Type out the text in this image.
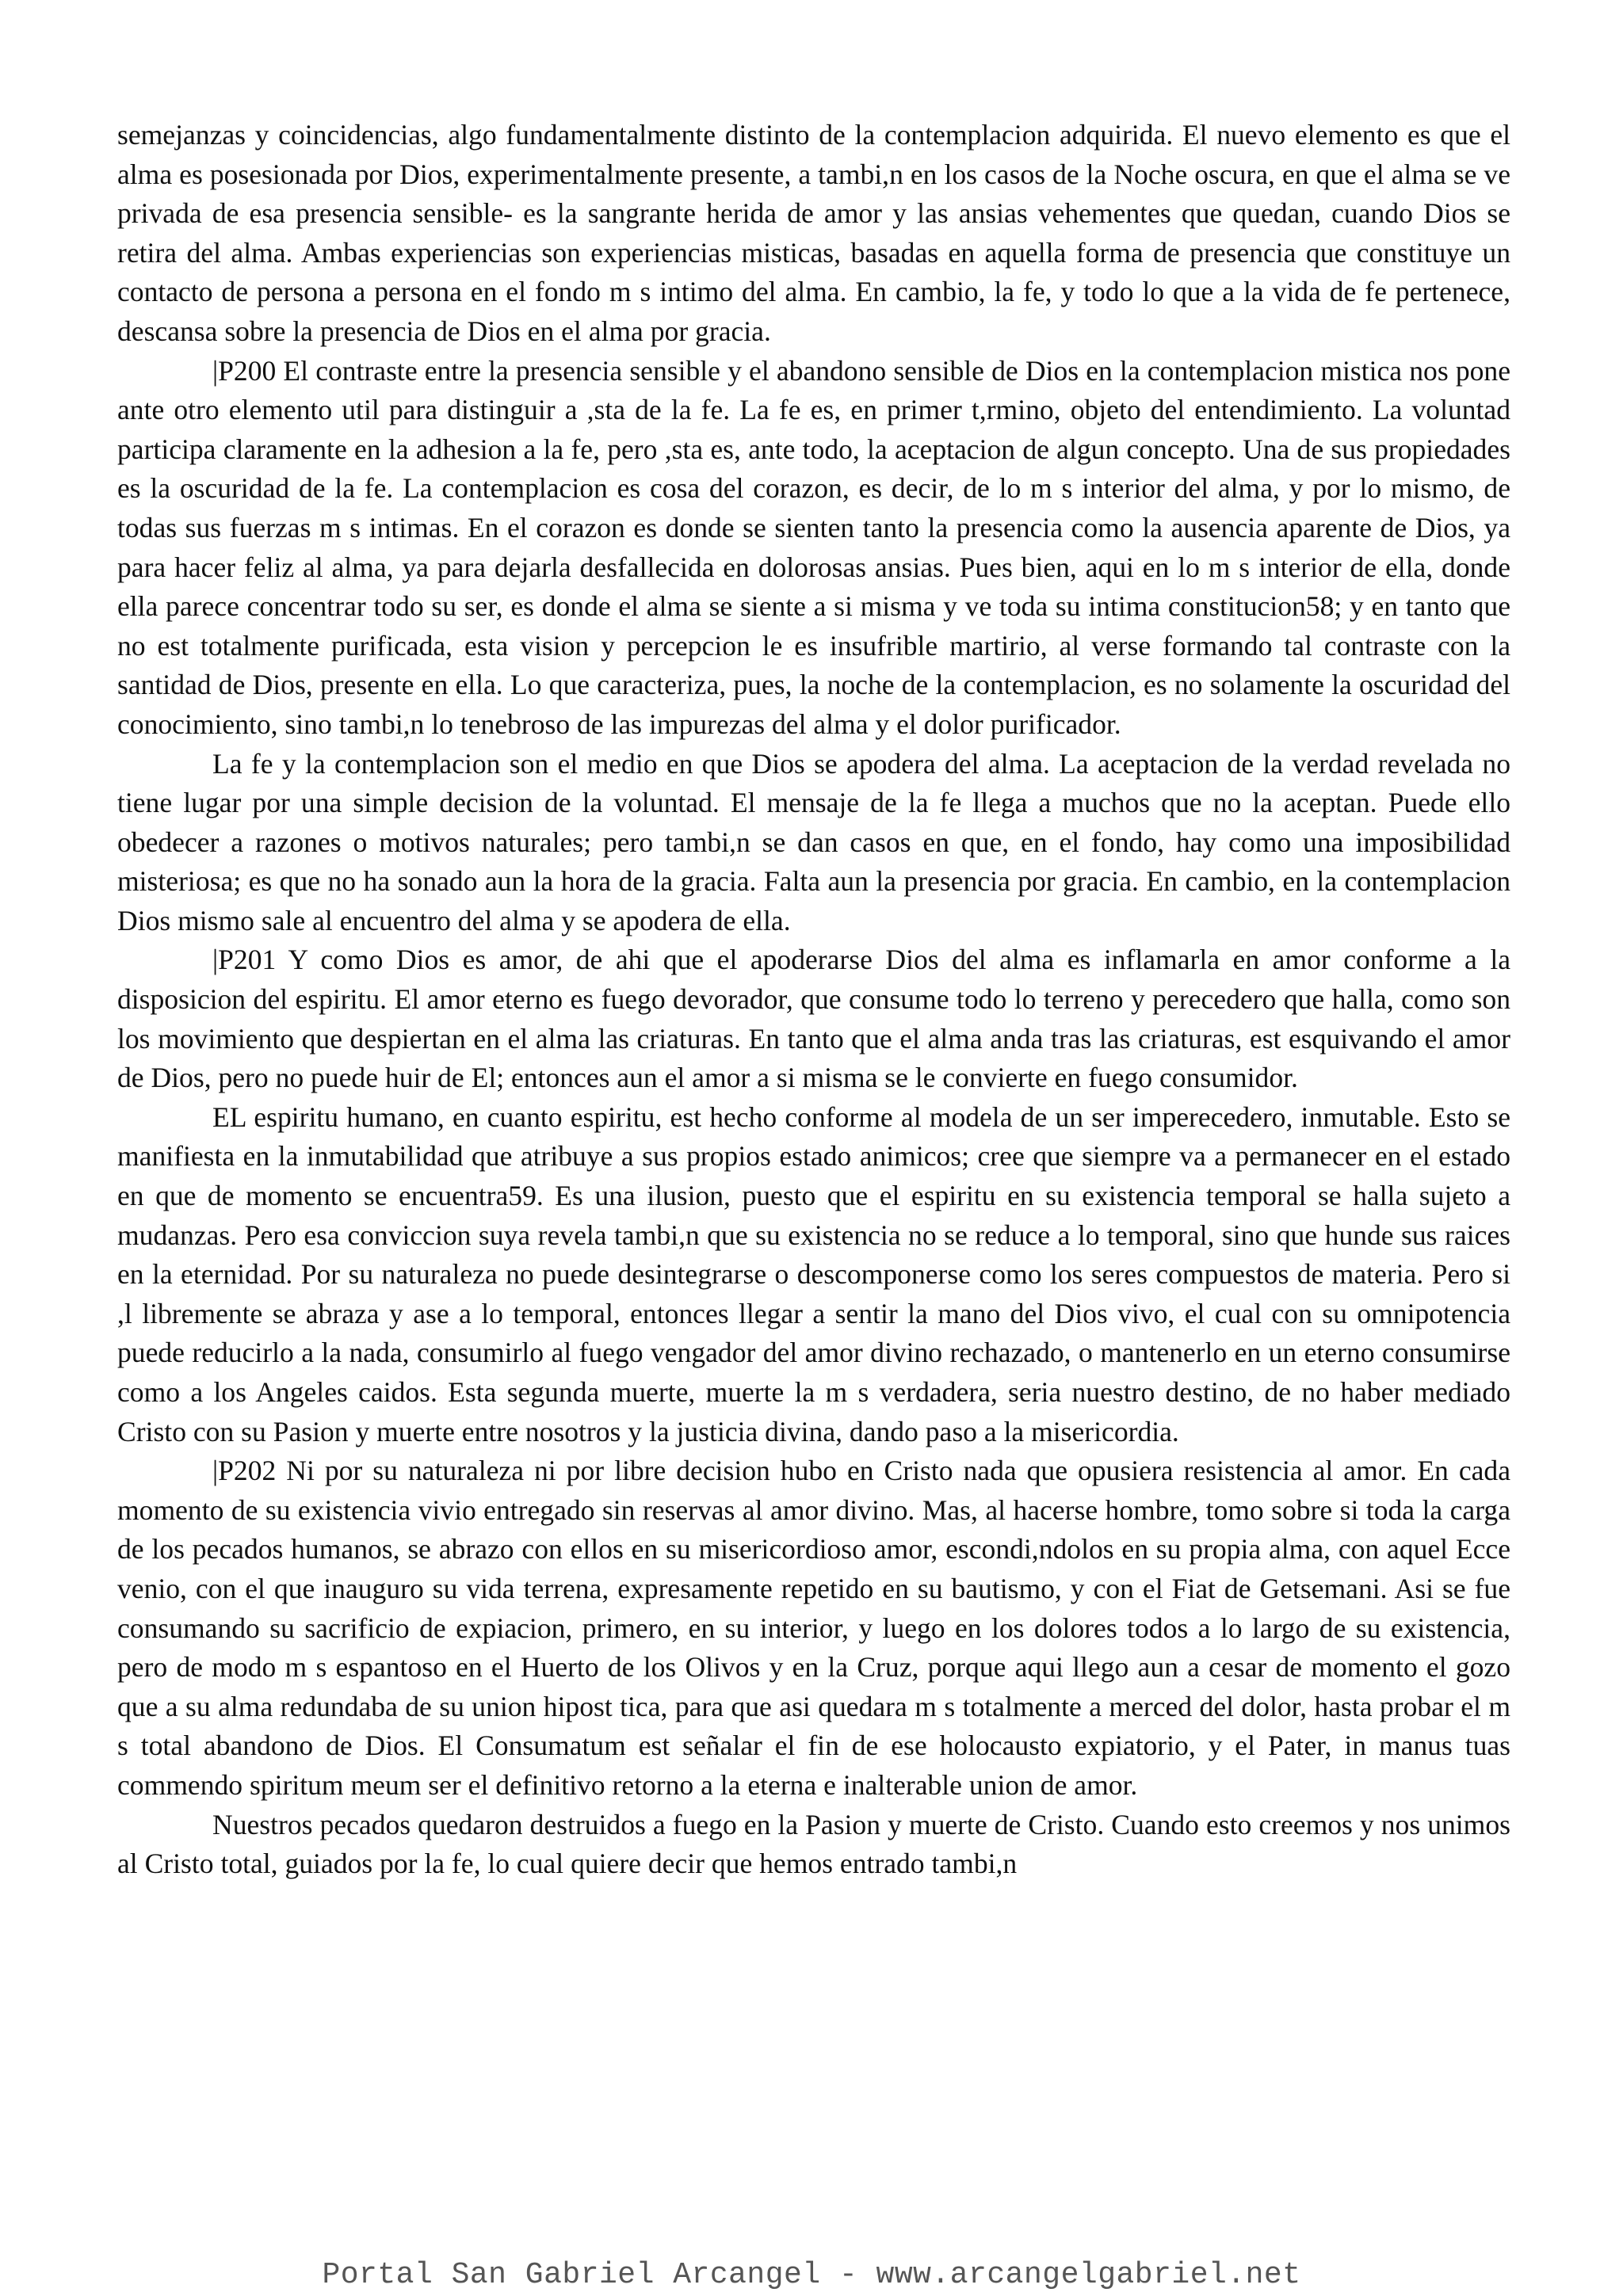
semejanzas y coincidencias, algo fundamentalmente distinto de la contemplacion adquirida. El nuevo elemento es que el alma es posesionada por Dios, experimentalmente presente, a tambi,n en los casos de la Noche oscura, en que el alma se ve privada de esa presencia sensible- es la sangrante herida de amor y las ansias vehementes que quedan, cuando Dios se retira del alma. Ambas experiencias son experiencias misticas, basadas en aquella forma de presencia que constituye un contacto de persona a persona en el fondo m s intimo del alma. En cambio, la fe, y todo lo que a la vida de fe pertenece, descansa sobre la presencia de Dios en el alma por gracia.

|P200 El contraste entre la presencia sensible y el abandono sensible de Dios en la contemplacion mistica nos pone ante otro elemento util para distinguir a ,sta de la fe. La fe es, en primer t,rmino, objeto del entendimiento. La voluntad participa claramente en la adhesion a la fe, pero ,sta es, ante todo, la aceptacion de algun concepto. Una de sus propiedades es la oscuridad de la fe. La contemplacion es cosa del corazon, es decir, de lo m s interior del alma, y por lo mismo, de todas sus fuerzas m s intimas. En el corazon es donde se sienten tanto la presencia como la ausencia aparente de Dios, ya para hacer feliz al alma, ya para dejarla desfallecida en dolorosas ansias. Pues bien, aqui en lo m s interior de ella, donde ella parece concentrar todo su ser, es donde el alma se siente a si misma y ve toda su intima constitucion58; y en tanto que no est totalmente purificada, esta vision y percepcion le es insufrible martirio, al verse formando tal contraste con la santidad de Dios, presente en ella. Lo que caracteriza, pues, la noche de la contemplacion, es no solamente la oscuridad del conocimiento, sino tambi,n lo tenebroso de las impurezas del alma y el dolor purificador.

La fe y la contemplacion son el medio en que Dios se apodera del alma. La aceptacion de la verdad revelada no tiene lugar por una simple decision de la voluntad. El mensaje de la fe llega a muchos que no la aceptan. Puede ello obedecer a razones o motivos naturales; pero tambi,n se dan casos en que, en el fondo, hay como una imposibilidad misteriosa; es que no ha sonado aun la hora de la gracia. Falta aun la presencia por gracia. En cambio, en la contemplacion Dios mismo sale al encuentro del alma y se apodera de ella.

|P201 Y como Dios es amor, de ahi que el apoderarse Dios del alma es inflamarla en amor conforme a la disposicion del espiritu. El amor eterno es fuego devorador, que consume todo lo terreno y perecedero que halla, como son los movimiento que despiertan en el alma las criaturas. En tanto que el alma anda tras las criaturas, est esquivando el amor de Dios, pero no puede huir de El; entonces aun el amor a si misma se le convierte en fuego consumidor.

EL espiritu humano, en cuanto espiritu, est hecho conforme al modela de un ser imperecedero, inmutable. Esto se manifiesta en la inmutabilidad que atribuye a sus propios estado animicos; cree que siempre va a permanecer en el estado en que de momento se encuentra59. Es una ilusion, puesto que el espiritu en su existencia temporal se halla sujeto a mudanzas. Pero esa conviccion suya revela tambi,n que su existencia no se reduce a lo temporal, sino que hunde sus raices en la eternidad. Por su naturaleza no puede desintegrarse o descomponerse como los seres compuestos de materia. Pero si ,l libremente se abraza y ase a lo temporal, entonces llegar a sentir la mano del Dios vivo, el cual con su omnipotencia puede reducirlo a la nada, consumirlo al fuego vengador del amor divino rechazado, o mantenerlo en un eterno consumirse como a los Angeles caidos. Esta segunda muerte, muerte la m s verdadera, seria nuestro destino, de no haber mediado Cristo con su Pasion y muerte entre nosotros y la justicia divina, dando paso a la misericordia.

|P202 Ni por su naturaleza ni por libre decision hubo en Cristo nada que opusiera resistencia al amor. En cada momento de su existencia vivio entregado sin reservas al amor divino. Mas, al hacerse hombre, tomo sobre si toda la carga de los pecados humanos, se abrazo con ellos en su misericordioso amor, escondi,ndolos en su propia alma, con aquel Ecce venio, con el que inauguro su vida terrena, expresamente repetido en su bautismo, y con el Fiat de Getsemani. Asi se fue consumando su sacrificio de expiacion, primero, en su interior, y luego en los dolores todos a lo largo de su existencia, pero de modo m s espantoso en el Huerto de los Olivos y en la Cruz, porque aqui llego aun a cesar de momento el gozo que a su alma redundaba de su union hipost tica, para que asi quedara m s totalmente a merced del dolor, hasta probar el m s total abandono de Dios. El Consumatum est señalar el fin de ese holocausto expiatorio, y el Pater, in manus tuas commendo spiritum meum ser el definitivo retorno a la eterna e inalterable union de amor.

Nuestros pecados quedaron destruidos a fuego en la Pasion y muerte de Cristo. Cuando esto creemos y nos unimos al Cristo total, guiados por la fe, lo cual quiere decir que hemos entrado tambi,n

Portal San Gabriel Arcangel - www.arcangelgabriel.net
